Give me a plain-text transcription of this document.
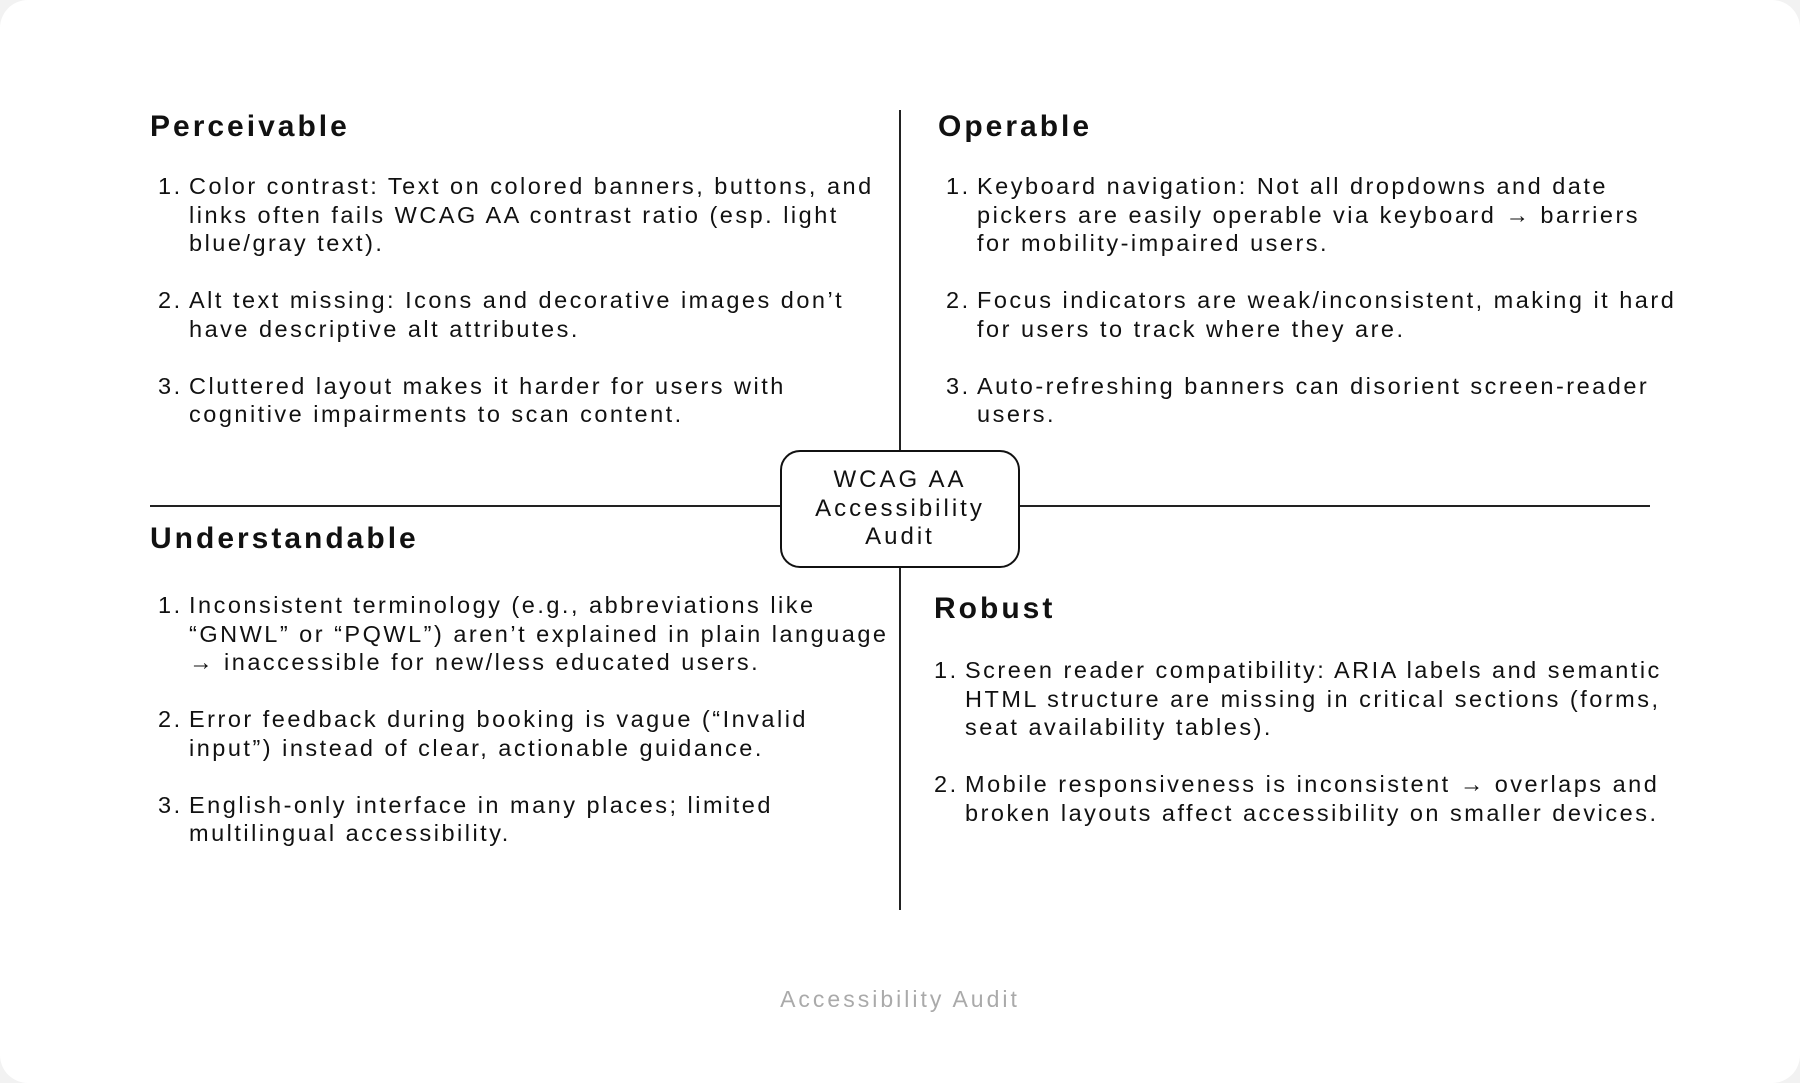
Perceivable
1. Color contrast: Text on colored banners, buttons, and links often fails WCAG AA contrast ratio (esp. light blue/gray text).
2. Alt text missing: Icons and decorative images don’t have descriptive alt attributes.
3. Cluttered layout makes it harder for users with cognitive impairments to scan content.
Operable
1. Keyboard navigation: Not all dropdowns and date pickers are easily operable via keyboard → barriers for mobility-impaired users.
2. Focus indicators are weak/inconsistent, making it hard for users to track where they are.
3. Auto-refreshing banners can disorient screen-reader users.
Understandable
1. Inconsistent terminology (e.g., abbreviations like “GNWL” or “PQWL”) aren’t explained in plain language → inaccessible for new/less educated users.
2. Error feedback during booking is vague (“Invalid input”) instead of clear, actionable guidance.
3. English-only interface in many places; limited multilingual accessibility.
Robust
1. Screen reader compatibility: ARIA labels and semantic HTML structure are missing in critical sections (forms, seat availability tables).
2. Mobile responsiveness is inconsistent → overlaps and broken layouts affect accessibility on smaller devices.
WCAG AA
Accessibility
Audit
Accessibility Audit
